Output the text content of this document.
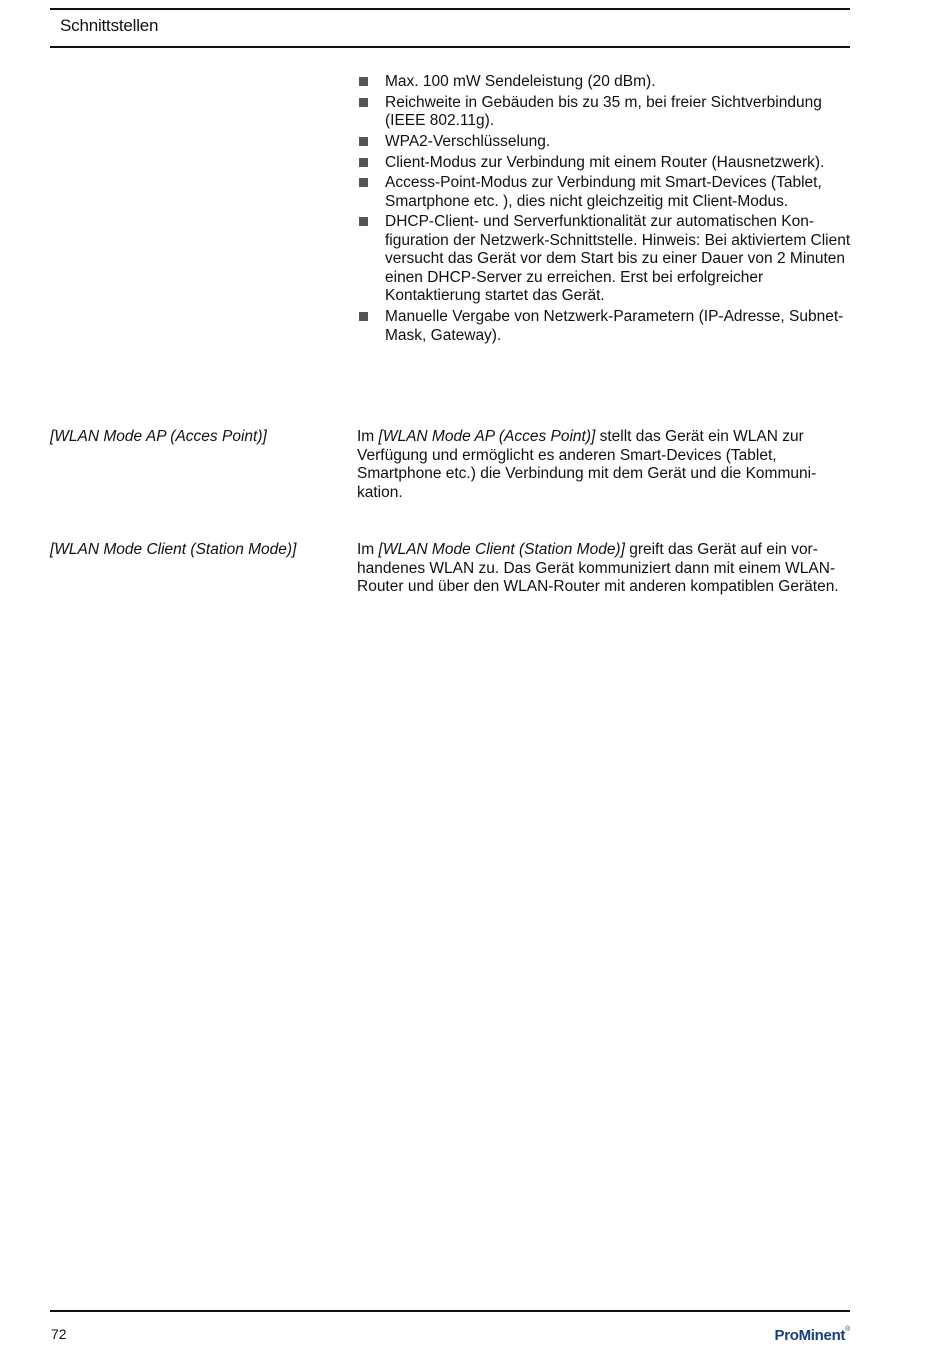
Schnittstellen
Max. 100 mW Sendeleistung (20 dBm).
Reichweite in Gebäuden bis zu 35 m, bei freier Sichtverbindung (IEEE 802.11g).
WPA2-Verschlüsselung.
Client-Modus zur Verbindung mit einem Router (Hausnetzwerk).
Access-Point-Modus zur Verbindung mit Smart-Devices (Tablet, Smartphone etc. ), dies nicht gleichzeitig mit Client-Modus.
DHCP-Client- und Serverfunktionalität zur automatischen Konfiguration der Netzwerk-Schnittstelle. Hinweis: Bei aktiviertem Client versucht das Gerät vor dem Start bis zu einer Dauer von 2 Minuten einen DHCP-Server zu erreichen. Erst bei erfolgreicher Kontaktierung startet das Gerät.
Manuelle Vergabe von Netzwerk-Parametern (IP-Adresse, Subnet-Mask, Gateway).
[WLAN Mode AP (Acces Point)]	Im [WLAN Mode AP (Acces Point)] stellt das Gerät ein WLAN zur Verfügung und ermöglicht es anderen Smart-Devices (Tablet, Smartphone etc.) die Verbindung mit dem Gerät und die Kommunikation.
[WLAN Mode Client (Station Mode)]	Im [WLAN Mode Client (Station Mode)] greift das Gerät auf ein vorhandenes WLAN zu. Das Gerät kommuniziert dann mit einem WLAN-Router und über den WLAN-Router mit anderen kompatiblen Geräten.
72	ProMinent®
